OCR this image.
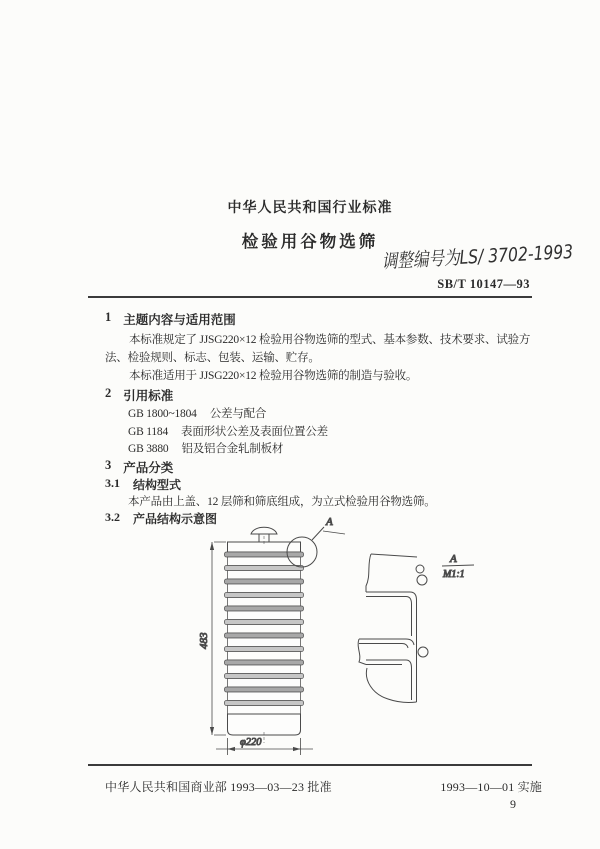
中华人民共和国行业标准
检验用谷物选筛 调整编号为LS/ 3702-1993
SB/T 10147—93
1 主题内容与适用范围
本标准规定了 JJSG220×12 检验用谷物选筛的型式、基本参数、技术要求、试验方法、检验规则、标志、包装、运输、贮存。
本标准适用于 JJSG220×12 检验用谷物选筛的制造与验收。
2 引用标准
GB 1800~1804 公差与配合
GB 1184 表面形状公差及表面位置公差
GB 3880 铝及铝合金轧制板材
3 产品分类
3.1 结构型式
本产品由上盖、12 层筛和筛底组成，为立式检验用谷物选筛。
3.2 产品结构示意图
483
φ220
A
A
M1:1
中华人民共和国商业部 1993—03—23 批准	1993—10—01 实施
9
